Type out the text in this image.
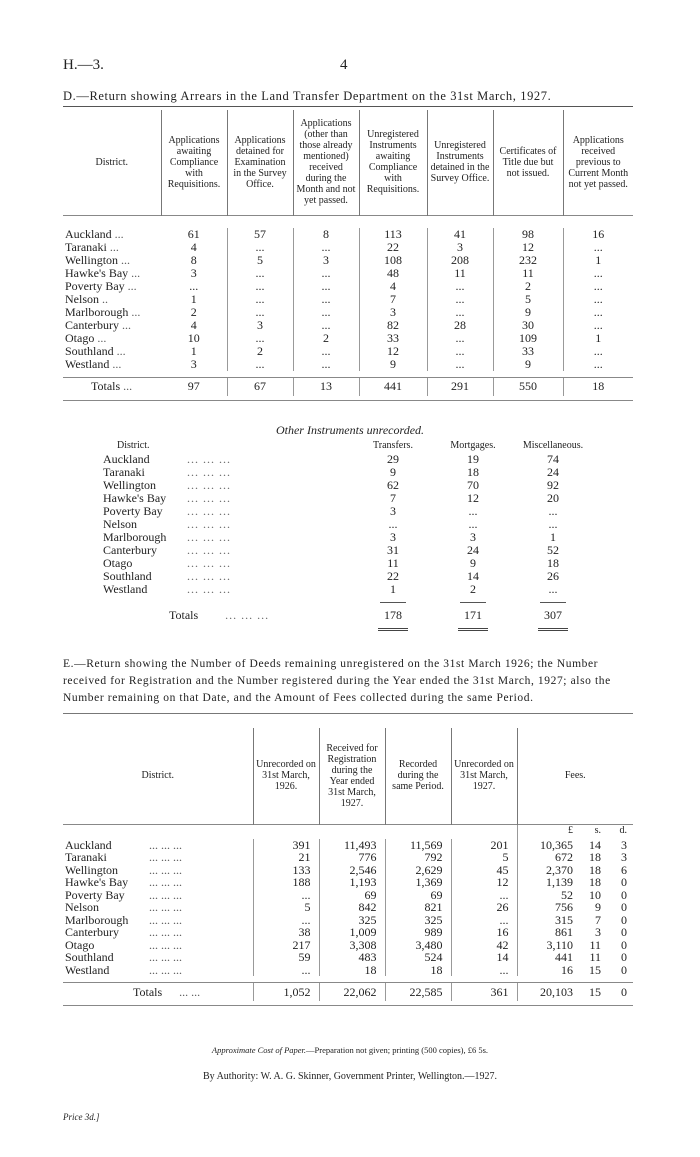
H.—3.	4
D.—Return showing Arrears in the Land Transfer Department on the 31st March, 1927.
District.	Applications awaiting Compliance with Requisitions.	Applications detained for Examination in the Survey Office.	Applications (other than those already mentioned) received during the Month and not yet passed.	Unregistered Instruments awaiting Compliance with Requisitions.	Unregistered Instruments detained in the Survey Office.	Certificates of Title due but not issued.	Applications received previous to Current Month not yet passed.

Auckland ...	61	57	8	113	41	98	16
Taranaki ...	4	...	...	22	3	12	...
Wellington ...	8	5	3	108	208	232	1
Hawke's Bay ...	3	...	...	48	11	11	...
Poverty Bay ...	...	...	...	4	...	2	...
Nelson ..	1	...	...	7	...	5	...
Marlborough ...	2	...	...	3	...	9	...
Canterbury ...	4	3	...	82	28	30	...
Otago ...	10	...	2	33	...	109	1
Southland ...	1	2	...	12	...	33	...
Westland ...	3	...	...	9	...	9	...

Totals ...	97	67	13	441	291	550	18

Other Instruments unrecorded.
District.	Transfers.	Mortgages.	Miscellaneous.
Auckland ... ... ...	29	19	74
Taranaki ... ... ...	9	18	24
Wellington ... ... ...	62	70	92
Hawke's Bay ... ... ...	7	12	20
Poverty Bay ... ... ...	3	...	...
Nelson ... ... ...	...	...	...
Marlborough ... ... ...	3	3	1
Canterbury ... ... ...	31	24	52
Otago ... ... ...	11	9	18
Southland ... ... ...	22	14	26
Westland ... ... ...	1	2	...

Totals ... ... ...	178	171	307

E.—Return showing the Number of Deeds remaining unregistered on the 31st March 1926; the Number received for Registration and the Number registered during the Year ended the 31st March, 1927; also the Number remaining on that Date, and the Amount of Fees collected during the same Period.
District.	Unrecorded on 31st March, 1926.	Received for Registration during the Year ended 31st March, 1927.	Recorded during the same Period.	Unrecorded on 31st March, 1927.	Fees.		
					£	s.	d.
Auckland ... ... ...	391	11,493	11,569	201	10,365	14	3
Taranaki ... ... ...	21	776	792	5	672	18	3
Wellington ... ... ...	133	2,546	2,629	45	2,370	18	6
Hawke's Bay ... ... ...	188	1,193	1,369	12	1,139	18	0
Poverty Bay ... ... ...	...	69	69	...	52	10	0
Nelson ... ... ...	5	842	821	26	756	9	0
Marlborough ... ... ...	...	325	325	...	315	7	0
Canterbury ... ... ...	38	1,009	989	16	861	3	0
Otago ... ... ...	217	3,308	3,480	42	3,110	11	0
Southland ... ... ...	59	483	524	14	441	11	0
Westland ... ... ...	...	18	18	...	16	15	0

Totals ... ...	1,052	22,062	22,585	361	20,103	15	0

Approximate Cost of Paper.—Preparation not given; printing (500 copies), £6 5s.
By Authority: W. A. G. Skinner, Government Printer, Wellington.—1927.
Price 3d.]
